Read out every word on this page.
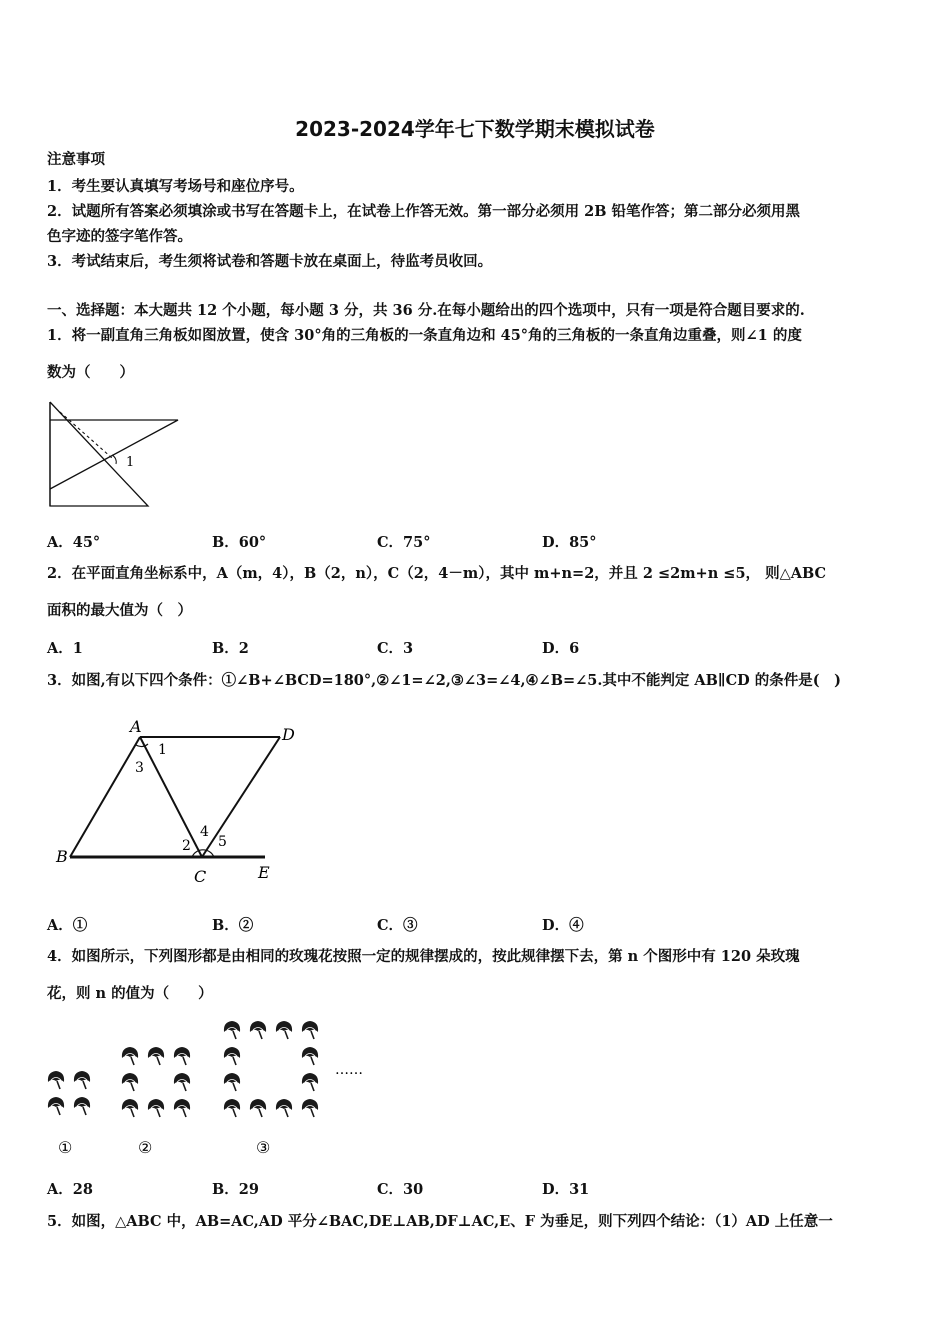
2023-2024学年七下数学期末模拟试卷
注意事项
1．考生要认真填写考场号和座位序号。
2．试题所有答案必须填涂或书写在答题卡上，在试卷上作答无效。第一部分必须用 2B 铅笔作答；第二部分必须用黑
色字迹的签字笔作答。
3．考试结束后，考生须将试卷和答题卡放在桌面上，待监考员收回。
一、选择题：本大题共 12 个小题，每小题 3 分，共 36 分.在每小题给出的四个选项中，只有一项是符合题目要求的.
1．将一副直角三角板如图放置，使含 30°角的三角板的一条直角边和 45°角的三角板的一条直角边重叠，则∠1 的度
数为（　　）
1
A．45°	B．60°	C．75°	D．85°
2．在平面直角坐标系中，A（m，4），B（2，n），C（2，4－m），其中 m+n=2，并且 2 ≤2m+n ≤5， 则△ABC
面积的最大值为（　）
A．1	B．2	C．3	D．6
3．如图,有以下四个条件：①∠B+∠BCD=180°,②∠1=∠2,③∠3=∠4,④∠B=∠5.其中不能判定 AB∥CD 的条件是(　)
A	D
B
C	E
1
2
3
4
5
A．①	B．②	C．③	D．④
4．如图所示，下列图形都是由相同的玫瑰花按照一定的规律摆成的，按此规律摆下去，第 n 个图形中有 120 朵玫瑰
花，则 n 的值为（　　）
……
①	②	③
A．28	B．29	C．30	D．31
5．如图，△ABC 中，AB=AC,AD 平分∠BAC,DE⊥AB,DF⊥AC,E、F 为垂足，则下列四个结论：（1）AD 上任意一
